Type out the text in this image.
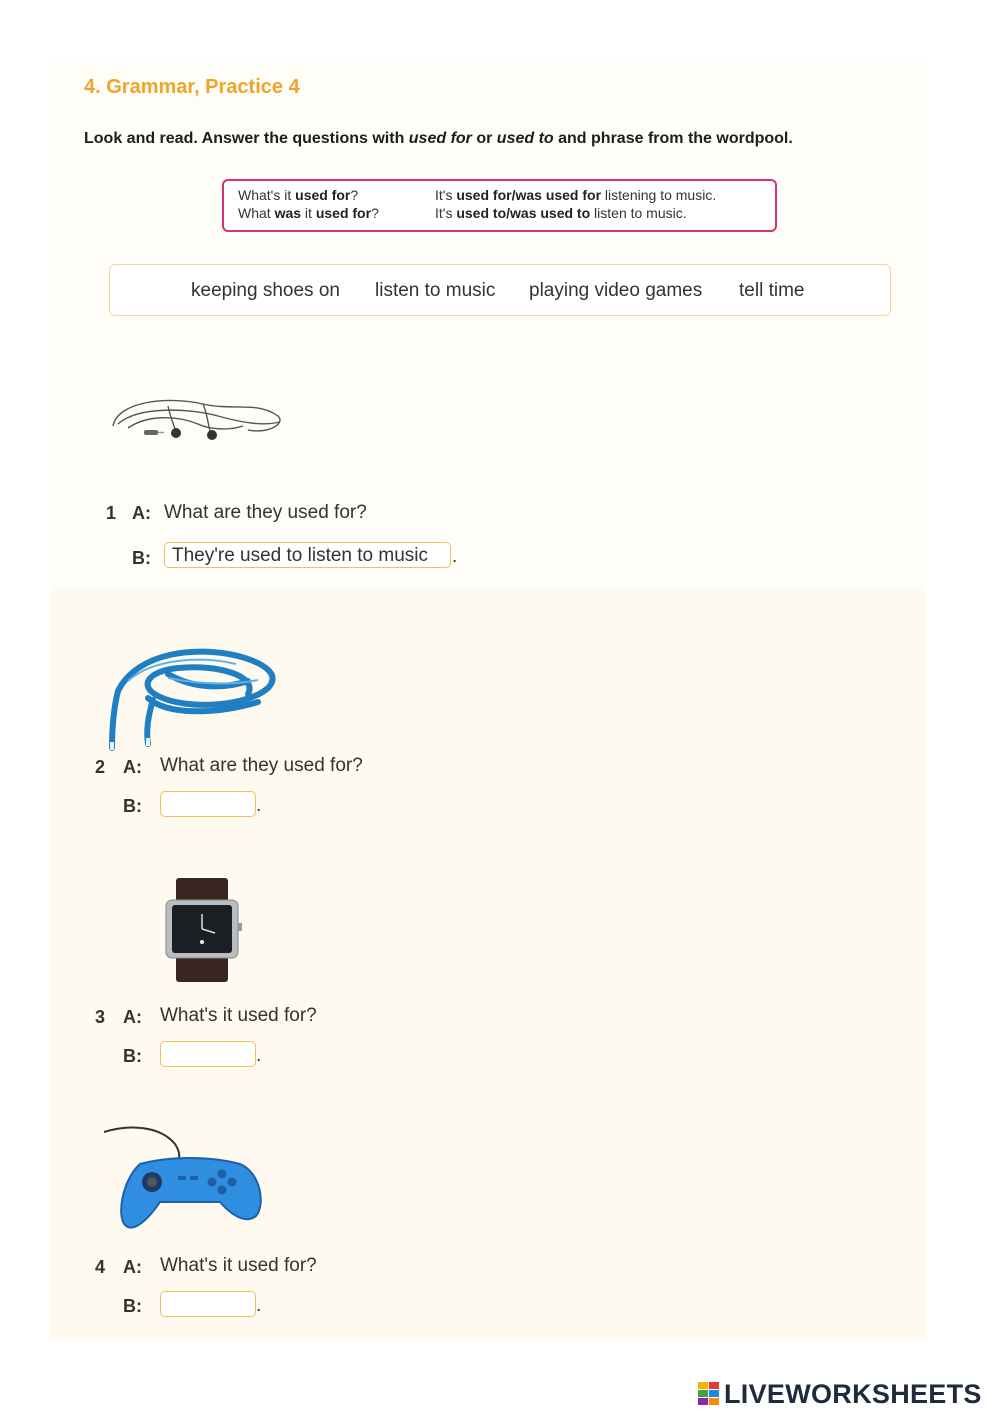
4. Grammar, Practice 4
Look and read. Answer the questions with used for or used to and phrase from the wordpool.
What's it used for?	It's used for/was used for listening to music.
What was it used for?	It's used to/was used to listen to music.
keeping shoes on listen to music playing video games tell time
1 A: What are they used for?
B:	They're used to listen to music	.
2 A: What are they used for?
B:	.
3 A: What's it used for?
B:	.
4 A: What's it used for?
B:	.
LIVEWORKSHEETS
